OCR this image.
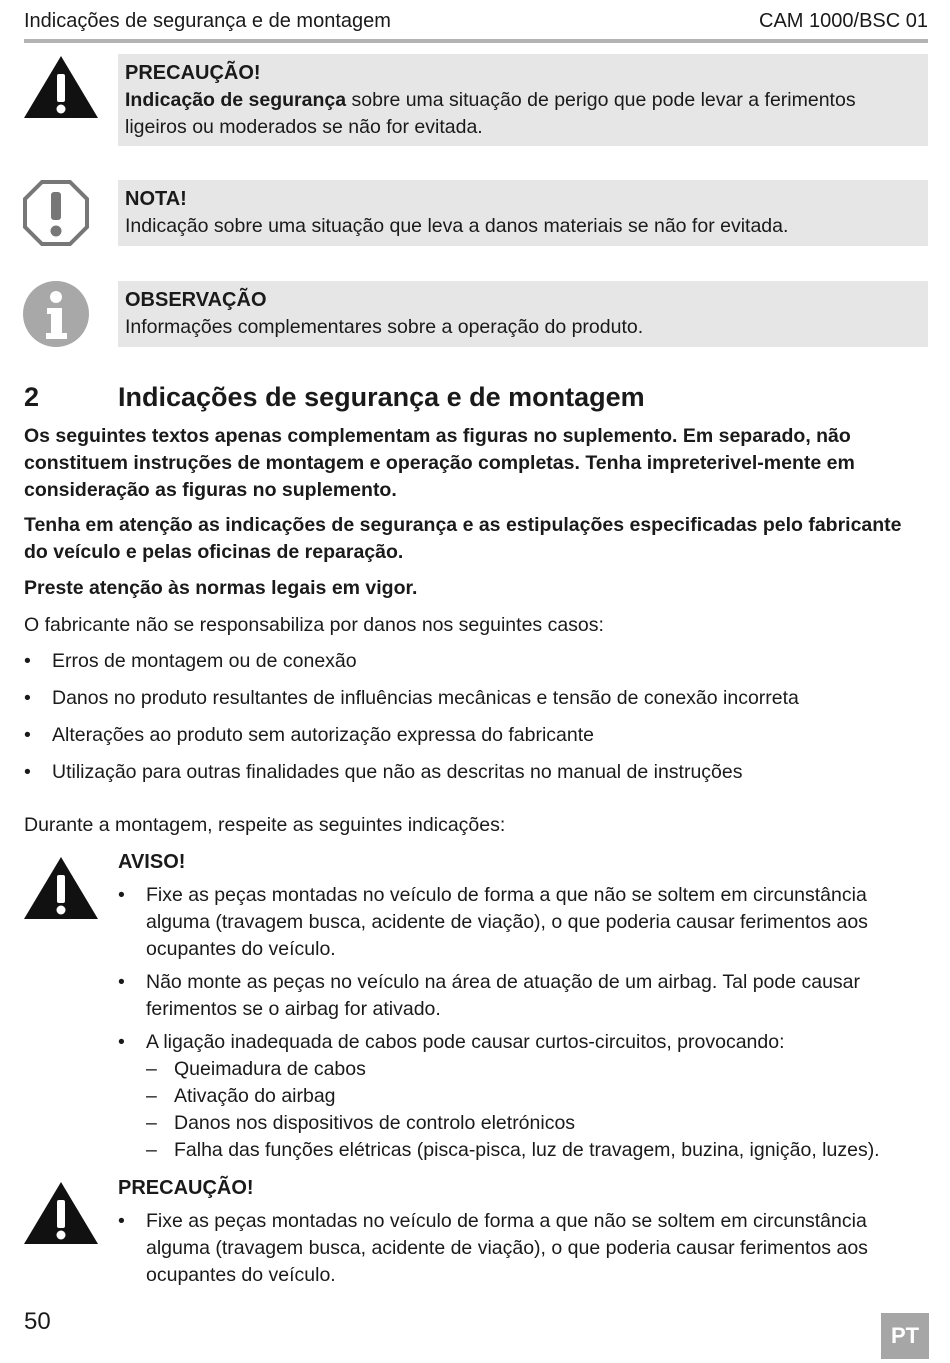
Indicações de segurança e de montagem	CAM 1000/BSC 01
PRECAUÇÃO!
Indicação de segurança sobre uma situação de perigo que pode levar a ferimentos ligeiros ou moderados se não for evitada.
NOTA!
Indicação sobre uma situação que leva a danos materiais se não for evitada.
OBSERVAÇÃO
Informações complementares sobre a operação do produto.
2	Indicações de segurança e de montagem
Os seguintes textos apenas complementam as figuras no suplemento. Em separado, não constituem instruções de montagem e operação completas. Tenha impreterivel-mente em consideração as figuras no suplemento.
Tenha em atenção as indicações de segurança e as estipulações especificadas pelo fabricante do veículo e pelas oficinas de reparação.
Preste atenção às normas legais em vigor.
O fabricante não se responsabiliza por danos nos seguintes casos:
• Erros de montagem ou de conexão
• Danos no produto resultantes de influências mecânicas e tensão de conexão incorreta
• Alterações ao produto sem autorização expressa do fabricante
• Utilização para outras finalidades que não as descritas no manual de instruções
Durante a montagem, respeite as seguintes indicações:
AVISO!
• Fixe as peças montadas no veículo de forma a que não se soltem em circunstância alguma (travagem busca, acidente de viação), o que poderia causar ferimentos aos ocupantes do veículo.
• Não monte as peças no veículo na área de atuação de um airbag. Tal pode causar ferimentos se o airbag for ativado.
• A ligação inadequada de cabos pode causar curtos-circuitos, provocando:
– Queimadura de cabos
– Ativação do airbag
– Danos nos dispositivos de controlo eletrónicos
– Falha das funções elétricas (pisca-pisca, luz de travagem, buzina, ignição, luzes).
PRECAUÇÃO!
• Fixe as peças montadas no veículo de forma a que não se soltem em circunstância alguma (travagem busca, acidente de viação), o que poderia causar ferimentos aos ocupantes do veículo.
50
PT
